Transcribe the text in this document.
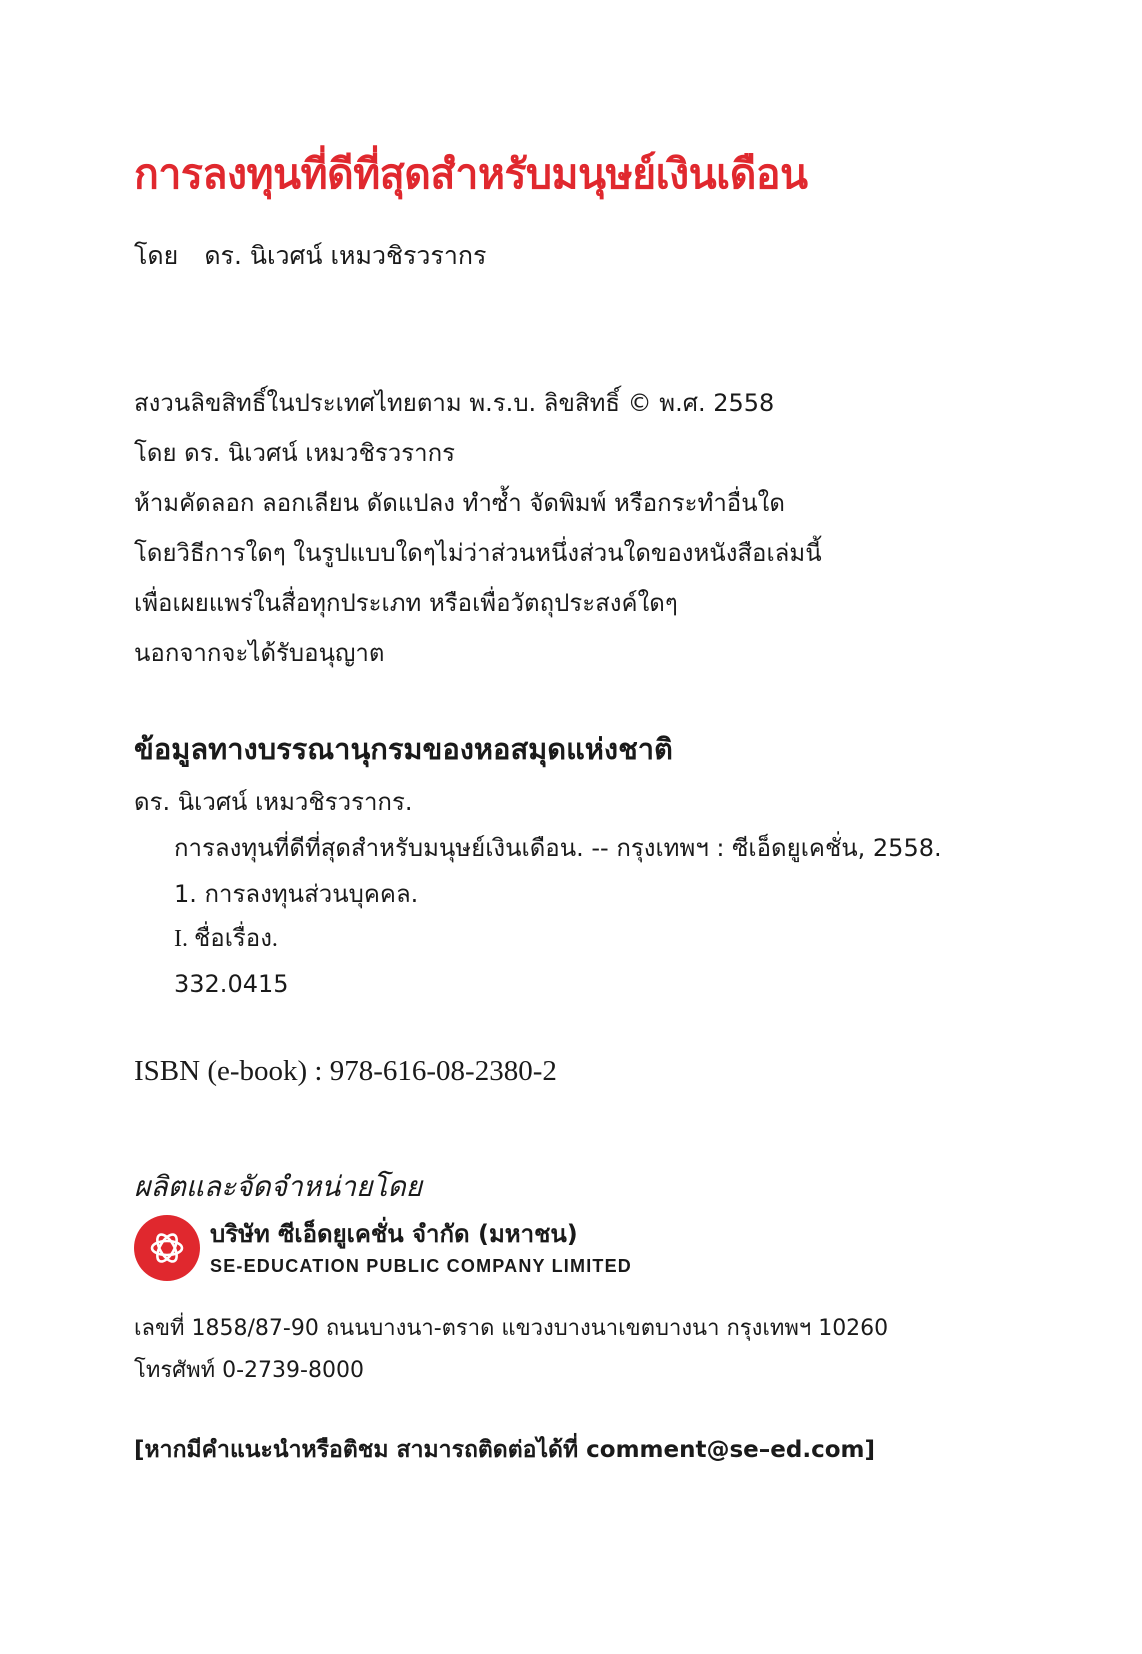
การลงทุนที่ดีที่สุดสำหรับมนุษย์เงินเดือน
โดย ดร. นิเวศน์ เหมวชิรวรากร
สงวนลิขสิทธิ์ในประเทศไทยตาม พ.ร.บ. ลิขสิทธิ์ © พ.ศ. 2558
โดย ดร. นิเวศน์ เหมวชิรวรากร
ห้ามคัดลอก ลอกเลียน ดัดแปลง ทำซ้ำ จัดพิมพ์ หรือกระทำอื่นใด
โดยวิธีการใดๆ ในรูปแบบใดๆไม่ว่าส่วนหนึ่งส่วนใดของหนังสือเล่มนี้
เพื่อเผยแพร่ในสื่อทุกประเภท หรือเพื่อวัตถุประสงค์ใดๆ
นอกจากจะได้รับอนุญาต
ข้อมูลทางบรรณานุกรมของหอสมุดแห่งชาติ
ดร. นิเวศน์ เหมวชิรวรากร.
การลงทุนที่ดีที่สุดสำหรับมนุษย์เงินเดือน. -- กรุงเทพฯ : ซีเอ็ดยูเคชั่น, 2558.
1. การลงทุนส่วนบุคคล.
I. ชื่อเรื่อง.
332.0415
ISBN (e-book) : 978-616-08-2380-2
ผลิตและจัดจำหน่ายโดย
บริษัท ซีเอ็ดยูเคชั่น จำกัด (มหาชน)
SE-EDUCATION PUBLIC COMPANY LIMITED
เลขที่ 1858/87-90 ถนนบางนา-ตราด แขวงบางนาเขตบางนา กรุงเทพฯ 10260
โทรศัพท์ 0-2739-8000
[หากมีคำแนะนำหรือติชม สามารถติดต่อได้ที่ comment@se–ed.com]
